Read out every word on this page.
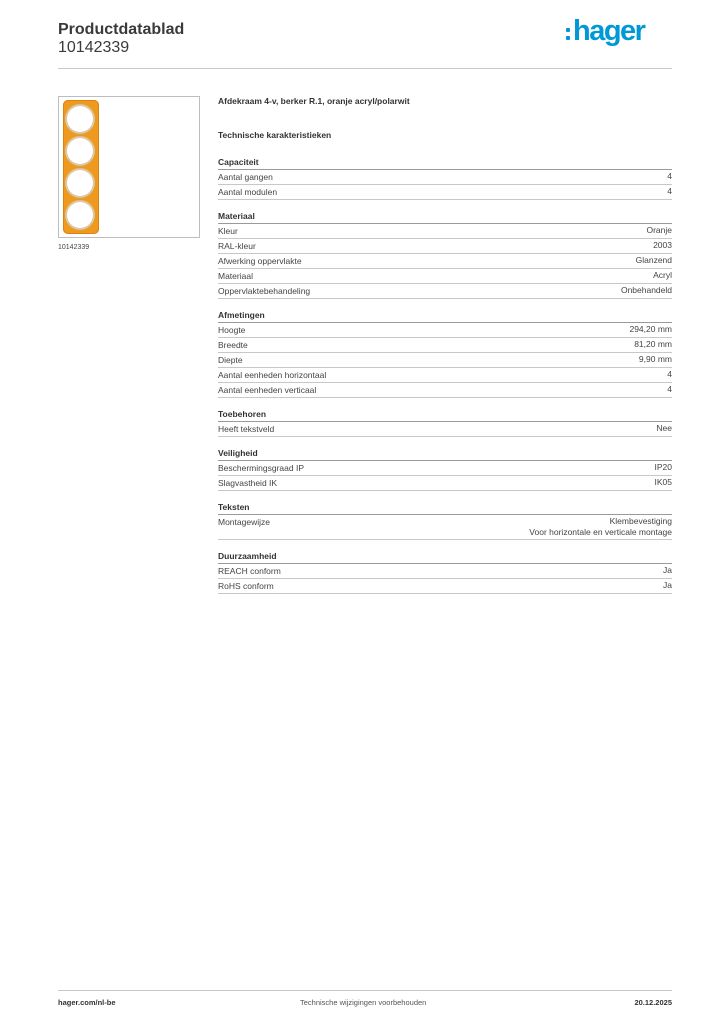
Productdatablad
10142339
hager
10142339
Afdekraam 4-v, berker R.1, oranje acryl/polarwit
Technische karakteristieken
Capaciteit
Aantal gangen	4
Aantal modulen	4
Materiaal
Kleur	Oranje
RAL-kleur	2003
Afwerking oppervlakte	Glanzend
Materiaal	Acryl
Oppervlaktebehandeling	Onbehandeld
Afmetingen
Hoogte	294,20 mm
Breedte	81,20 mm
Diepte	9,90 mm
Aantal eenheden horizontaal	4
Aantal eenheden verticaal	4
Toebehoren
Heeft tekstveld	Nee
Veiligheid
Beschermingsgraad IP	IP20
Slagvastheid IK	IK05
Teksten
Montagewijze	Klembevestiging
Voor horizontale en verticale montage
Duurzaamheid
REACH conform	Ja
RoHS conform	Ja
hager.com/nl-be	Technische wijzigingen voorbehouden	20.12.2025
